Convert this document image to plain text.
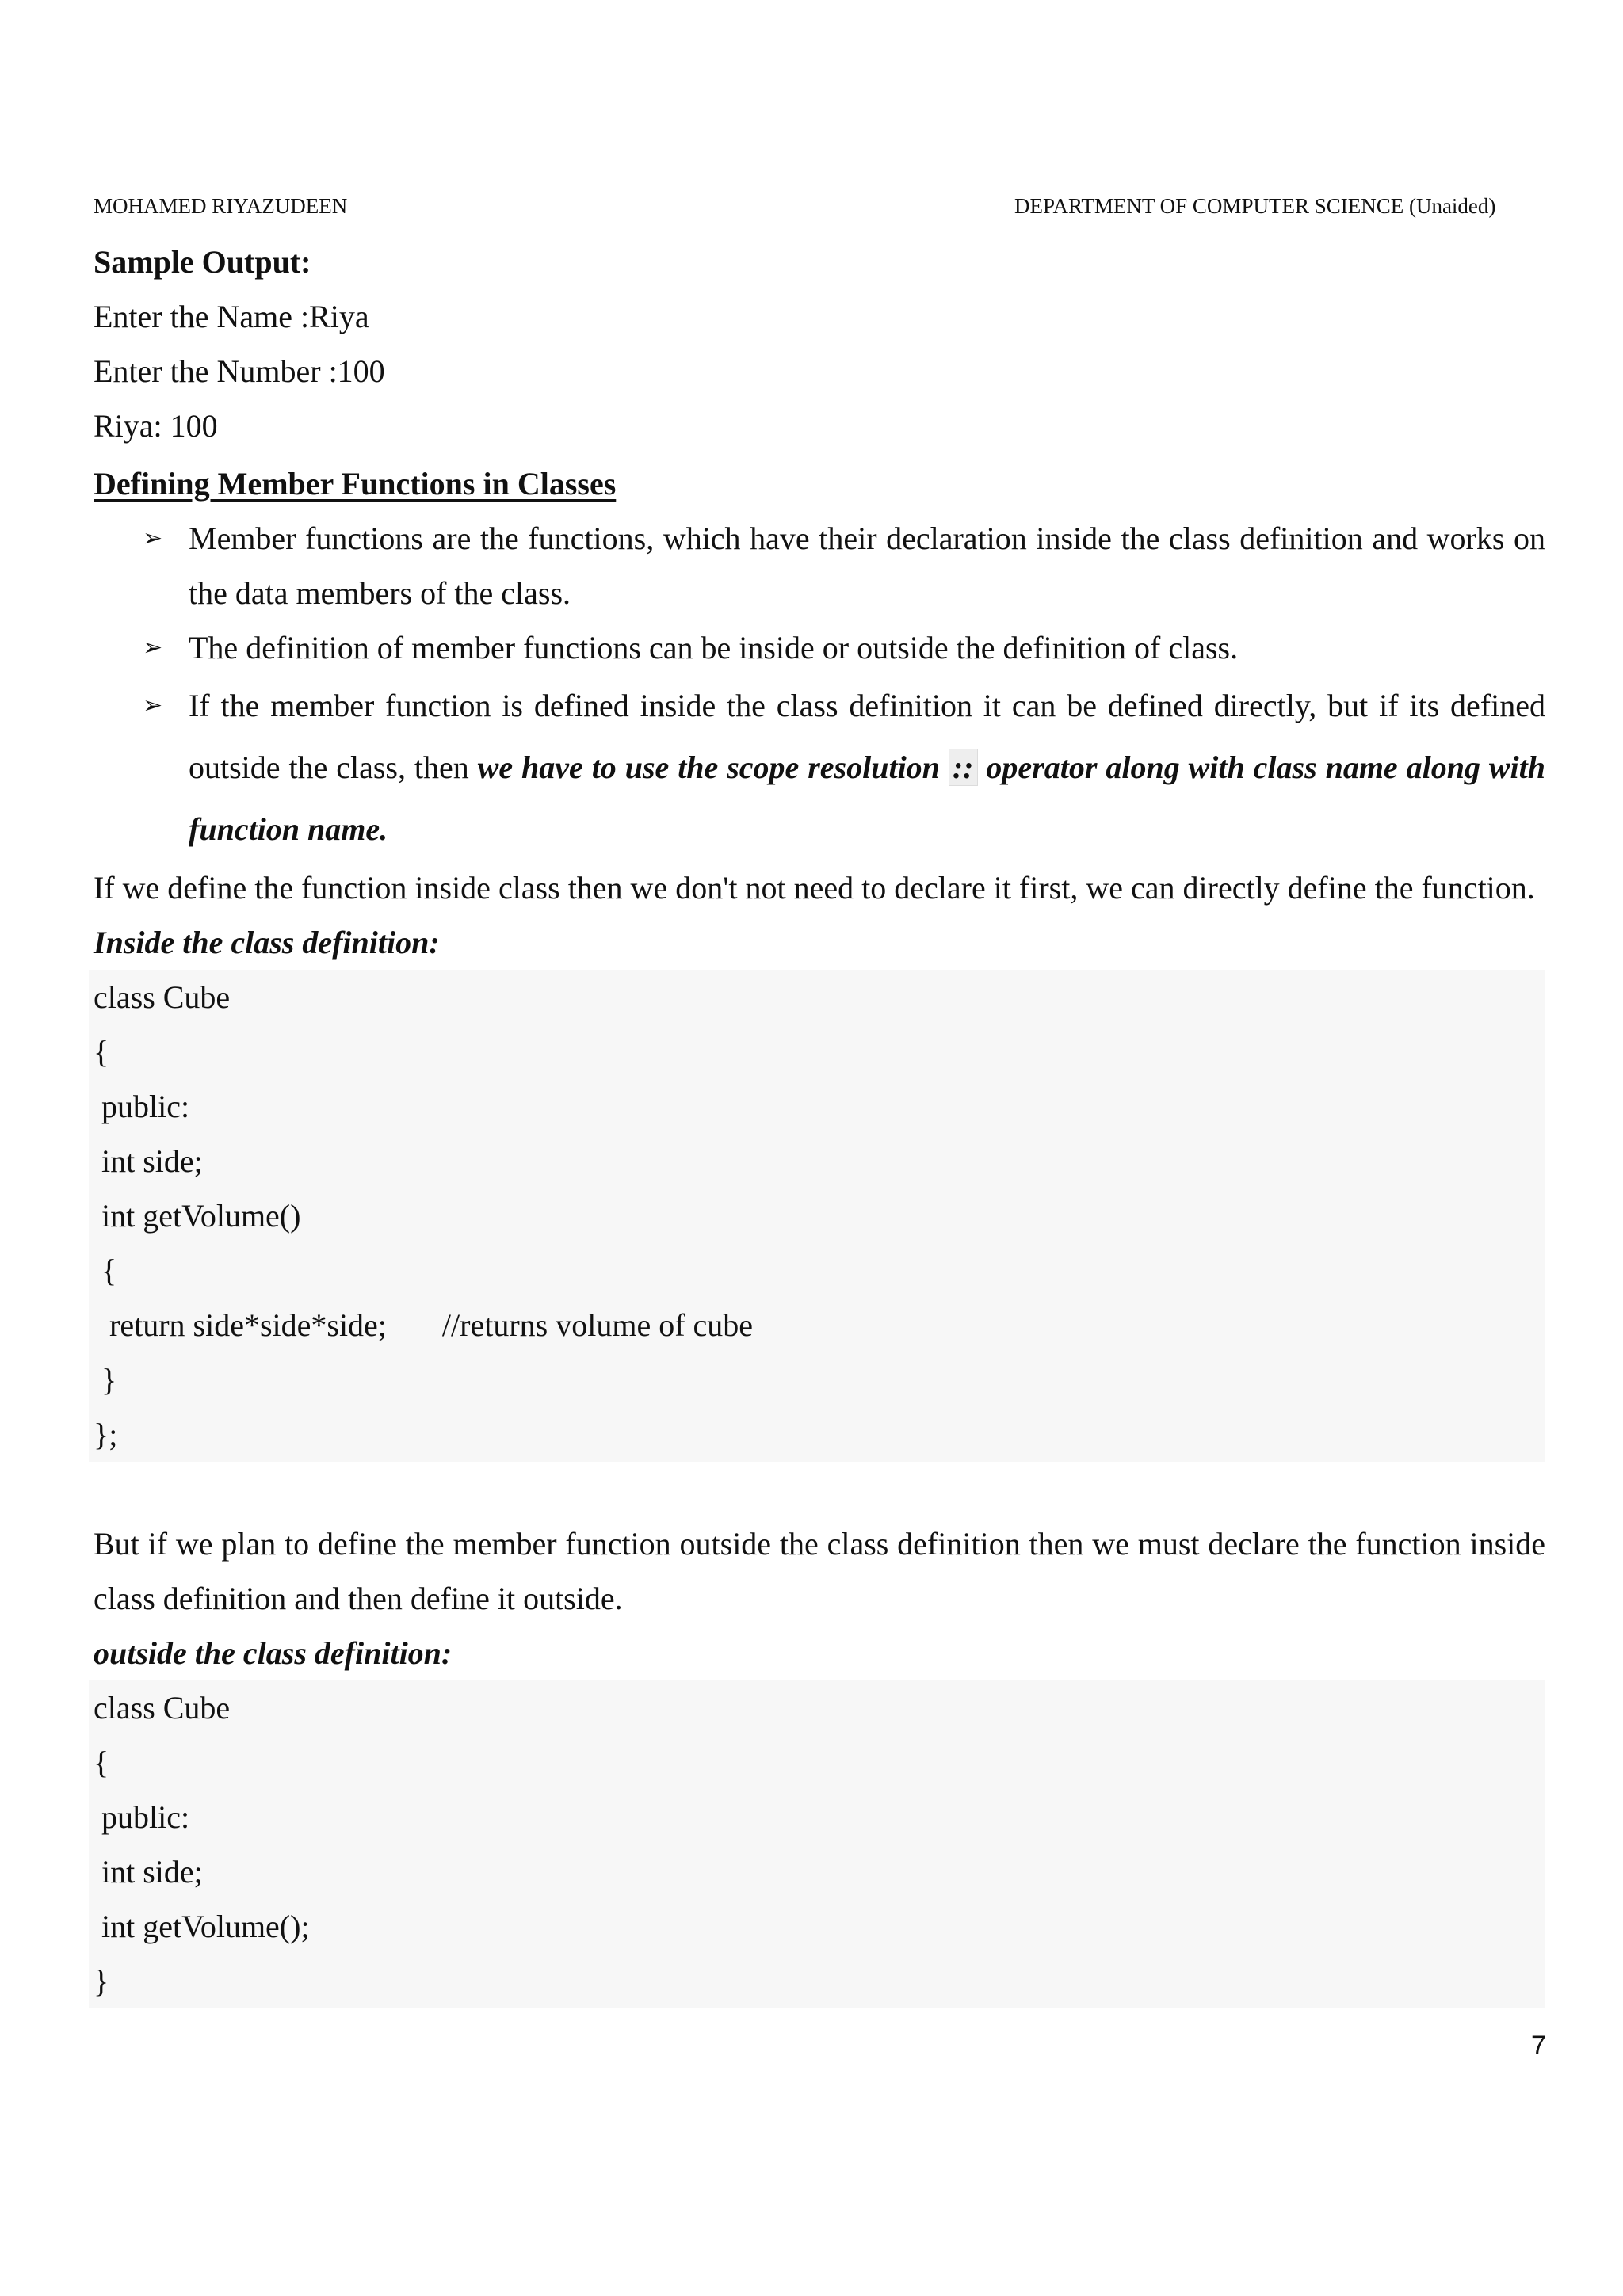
MOHAMED RIYAZUDEEN	DEPARTMENT OF COMPUTER SCIENCE (Unaided)
Sample Output:
Enter the Name :Riya
Enter the Number :100
Riya: 100
Defining Member Functions in Classes
➢ Member functions are the functions, which have their declaration inside the class definition and works on
the data members of the class.
➢ The definition of member functions can be inside or outside the definition of class.
➢ If the member function is defined inside the class definition it can be defined directly, but if its defined
outside the class, then we have to use the scope resolution :: operator along with class name along with
function name.
If we define the function inside class then we don't not need to declare it first, we can directly define the function.
Inside the class definition:
class Cube
{
public:
int side;
int getVolume()
{
return side*side*side; //returns volume of cube
}
};
But if we plan to define the member function outside the class definition then we must declare the function inside
class definition and then define it outside.
outside the class definition:
class Cube
{
public:
int side;
int getVolume();
}
7
